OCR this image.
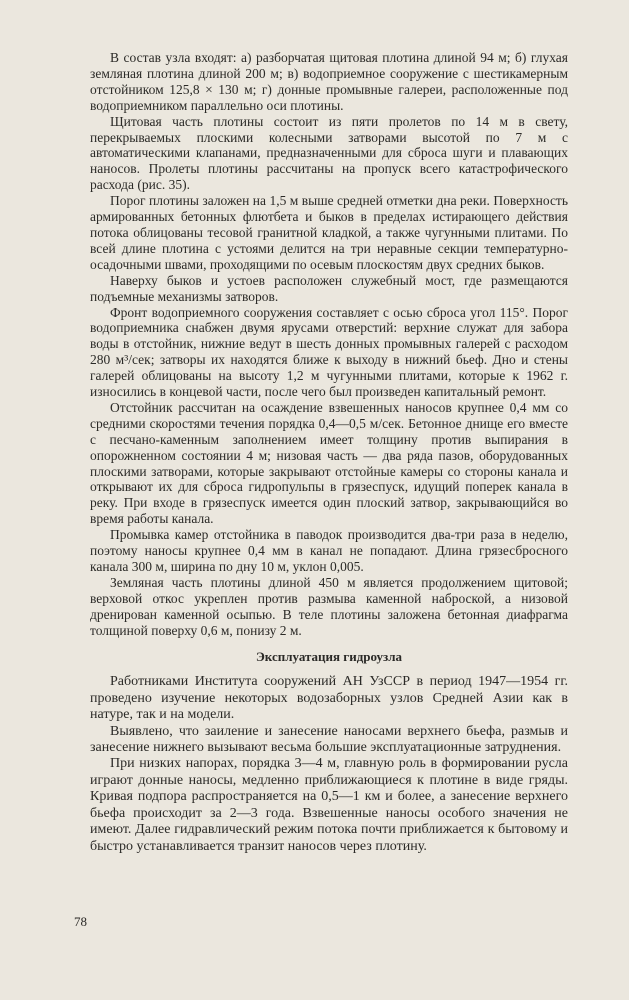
В состав узла входят: а) разборчатая щитовая плотина длиной 94 м; б) глухая земляная плотина длиной 200 м; в) водоприемное сооружение с шестикамерным отстойником 125,8 × 130 м; г) донные промывные галереи, расположенные под водоприемником параллельно оси плотины.

Щитовая часть плотины состоит из пяти пролетов по 14 м в свету, перекрываемых плоскими колесными затворами высотой по 7 м с автоматическими клапанами, предназначенными для сброса шуги и плавающих наносов. Пролеты плотины рассчитаны на пропуск всего катастрофического расхода (рис. 35).

Порог плотины заложен на 1,5 м выше средней отметки дна реки. Поверхность армированных бетонных флютбета и быков в пределах истирающего действия потока облицованы тесовой гранитной кладкой, а также чугунными плитами. По всей длине плотина с устоями делится на три неравные секции температурно-осадочными швами, проходящими по осевым плоскостям двух средних быков.

Наверху быков и устоев расположен служебный мост, где размещаются подъемные механизмы затворов.

Фронт водоприемного сооружения составляет с осью сброса угол 115°. Порог водоприемника снабжен двумя ярусами отверстий: верхние служат для забора воды в отстойник, нижние ведут в шесть донных промывных галерей с расходом 280 м³/сек; затворы их находятся ближе к выходу в нижний бьеф. Дно и стены галерей облицованы на высоту 1,2 м чугунными плитами, которые к 1962 г. износились в концевой части, после чего был произведен капитальный ремонт.

Отстойник рассчитан на осаждение взвешенных наносов крупнее 0,4 мм со средними скоростями течения порядка 0,4—0,5 м/сек. Бетонное днище его вместе с песчано-каменным заполнением имеет толщину против выпирания в опорожненном состоянии 4 м; низовая часть — два ряда пазов, оборудованных плоскими затворами, которые закрывают отстойные камеры со стороны канала и открывают их для сброса гидропульпы в грязеспуск, идущий поперек канала в реку. При входе в грязеспуск имеется один плоский затвор, закрывающийся во время работы канала.

Промывка камер отстойника в паводок производится два-три раза в неделю, поэтому наносы крупнее 0,4 мм в канал не попадают. Длина грязесбросного канала 300 м, ширина по дну 10 м, уклон 0,005.

Земляная часть плотины длиной 450 м является продолжением щитовой; верховой откос укреплен против размыва каменной наброской, а низовой дренирован каменной осыпью. В теле плотины заложена бетонная диафрагма толщиной поверху 0,6 м, понизу 2 м.

Эксплуатация гидроузла

Работниками Института сооружений АН УзССР в период 1947—1954 гг. проведено изучение некоторых водозаборных узлов Средней Азии как в натуре, так и на модели.

Выявлено, что заиление и занесение наносами верхнего бьефа, размыв и занесение нижнего вызывают весьма большие эксплуатационные затруднения.

При низких напорах, порядка 3—4 м, главную роль в формировании русла играют донные наносы, медленно приближающиеся к плотине в виде гряды. Кривая подпора распространяется на 0,5—1 км и более, а занесение верхнего бьефа происходит за 2—3 года. Взвешенные наносы особого значения не имеют. Далее гидравлический режим потока почти приближается к бытовому и быстро устанавливается транзит наносов через плотину.

78
